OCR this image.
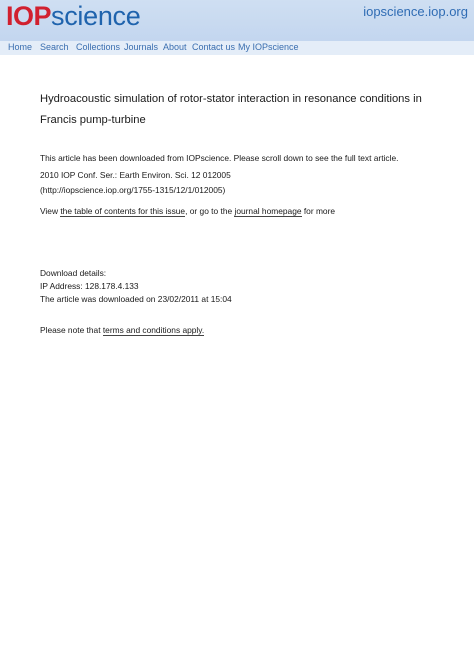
IOPscience	iopscience.iop.org
Home Search Collections Journals About Contact us My IOPscience
Hydroacoustic simulation of rotor-stator interaction in resonance conditions in Francis pump-turbine
This article has been downloaded from IOPscience. Please scroll down to see the full text article.
2010 IOP Conf. Ser.: Earth Environ. Sci. 12 012005
(http://iopscience.iop.org/1755-1315/12/1/012005)
View the table of contents for this issue, or go to the journal homepage for more
Download details:
IP Address: 128.178.4.133
The article was downloaded on 23/02/2011 at 15:04
Please note that terms and conditions apply.
